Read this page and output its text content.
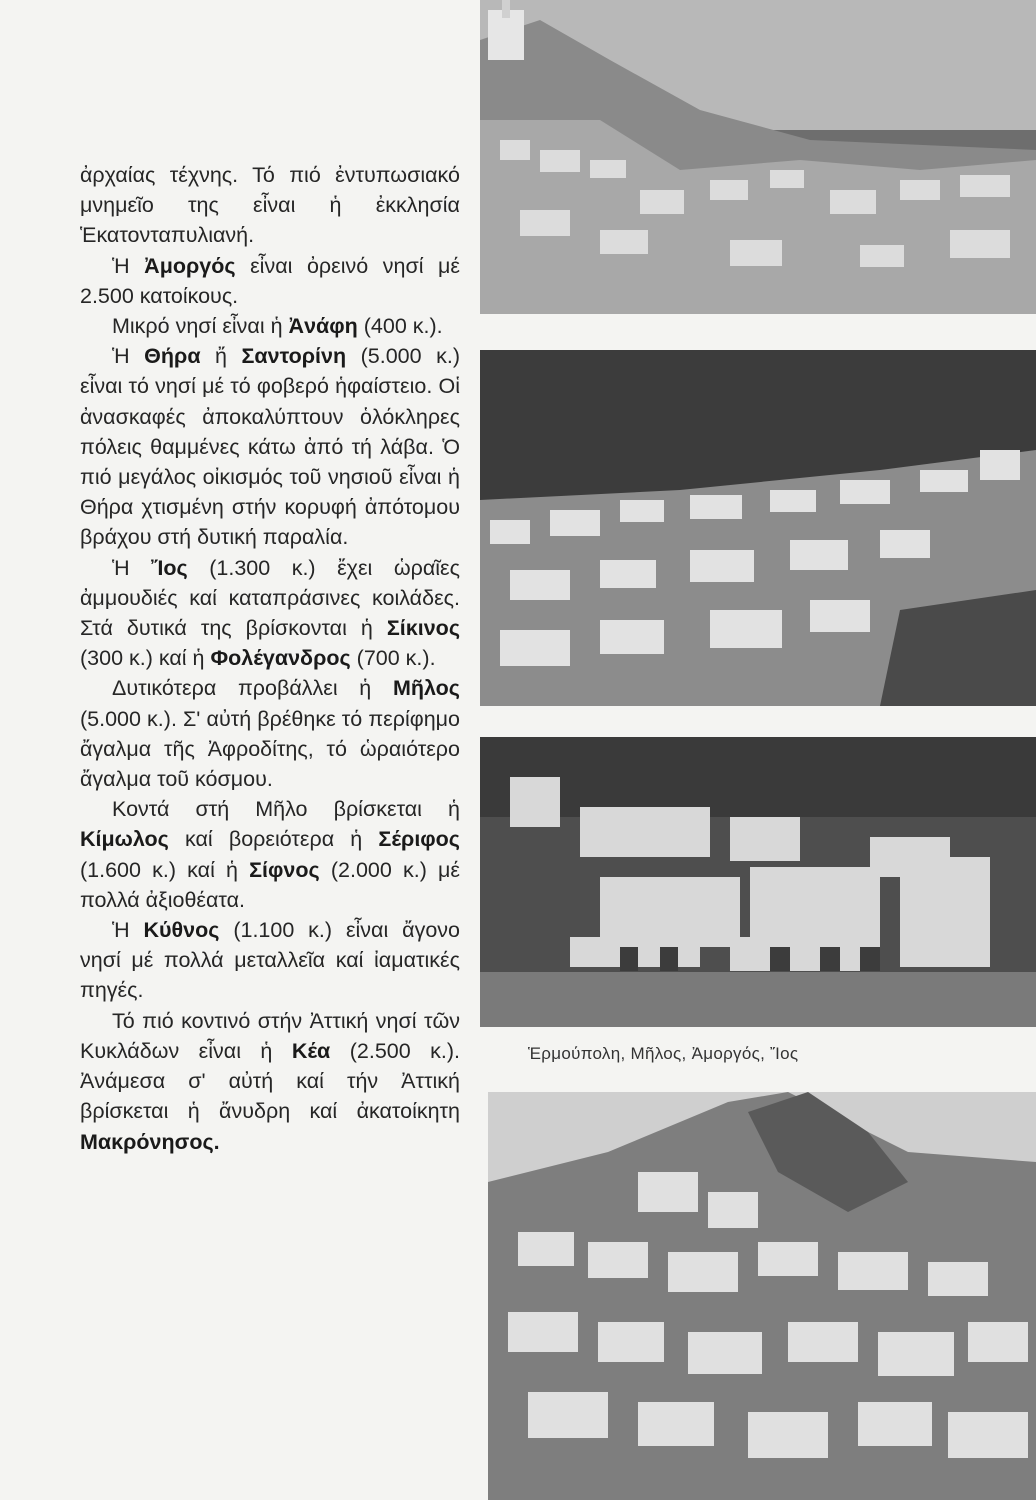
ἀρχαίας τέχνης. Τό πιό ἐντυπωσιακό μνημεῖο της εἶναι ἡ ἐκκλησία Ἑκατονταπυλιανή.

Ἡ Ἀμοργός εἶναι ὀρεινό νησί μέ 2.500 κατοίκους.

Μικρό νησί εἶναι ἡ Ἀνάφη (400 κ.).

Ἡ Θήρα ἤ Σαντορίνη (5.000 κ.) εἶναι τό νησί μέ τό φοβερό ἡφαίστειο. Οἱ ἀνασκαφές ἀποκαλύπτουν ὁλόκληρες πόλεις θαμμένες κάτω ἀπό τή λάβα. Ὁ πιό μεγάλος οἰκισμός τοῦ νησιοῦ εἶναι ἡ Θήρα χτισμένη στήν κορυφή ἀπότομου βράχου στή δυτική παραλία.

Ἡ Ἴος (1.300 κ.) ἔχει ὡραῖες ἀμμουδιές καί καταπράσινες κοιλάδες. Στά δυτικά της βρίσκονται ἡ Σίκινος (300 κ.) καί ἡ Φολέγανδρος (700 κ.).

Δυτικότερα προβάλλει ἡ Μῆλος (5.000 κ.). Σ' αὐτή βρέθηκε τό περίφημο ἄγαλμα τῆς Ἀφροδίτης, τό ὡραιότερο ἄγαλμα τοῦ κόσμου.

Κοντά στή Μῆλο βρίσκεται ἡ Κίμωλος καί βορειότερα ἡ Σέριφος (1.600 κ.) καί ἡ Σίφνος (2.000 κ.) μέ πολλά ἀξιοθέατα.

Ἡ Κύθνος (1.100 κ.) εἶναι ἄγονο νησί μέ πολλά μεταλλεῖα καί ἰαματικές πηγές.

Τό πιό κοντινό στήν Ἀττική νησί τῶν Κυκλάδων εἶναι ἡ Κέα (2.500 κ.). Ἀνάμεσα σ' αὐτή καί τήν Ἀττική βρίσκεται ἡ ἄνυδρη καί ἀκατοίκητη Μακρόνησος.

Ἑρμούπολη, Μῆλος, Ἀμοργός, Ἴος
